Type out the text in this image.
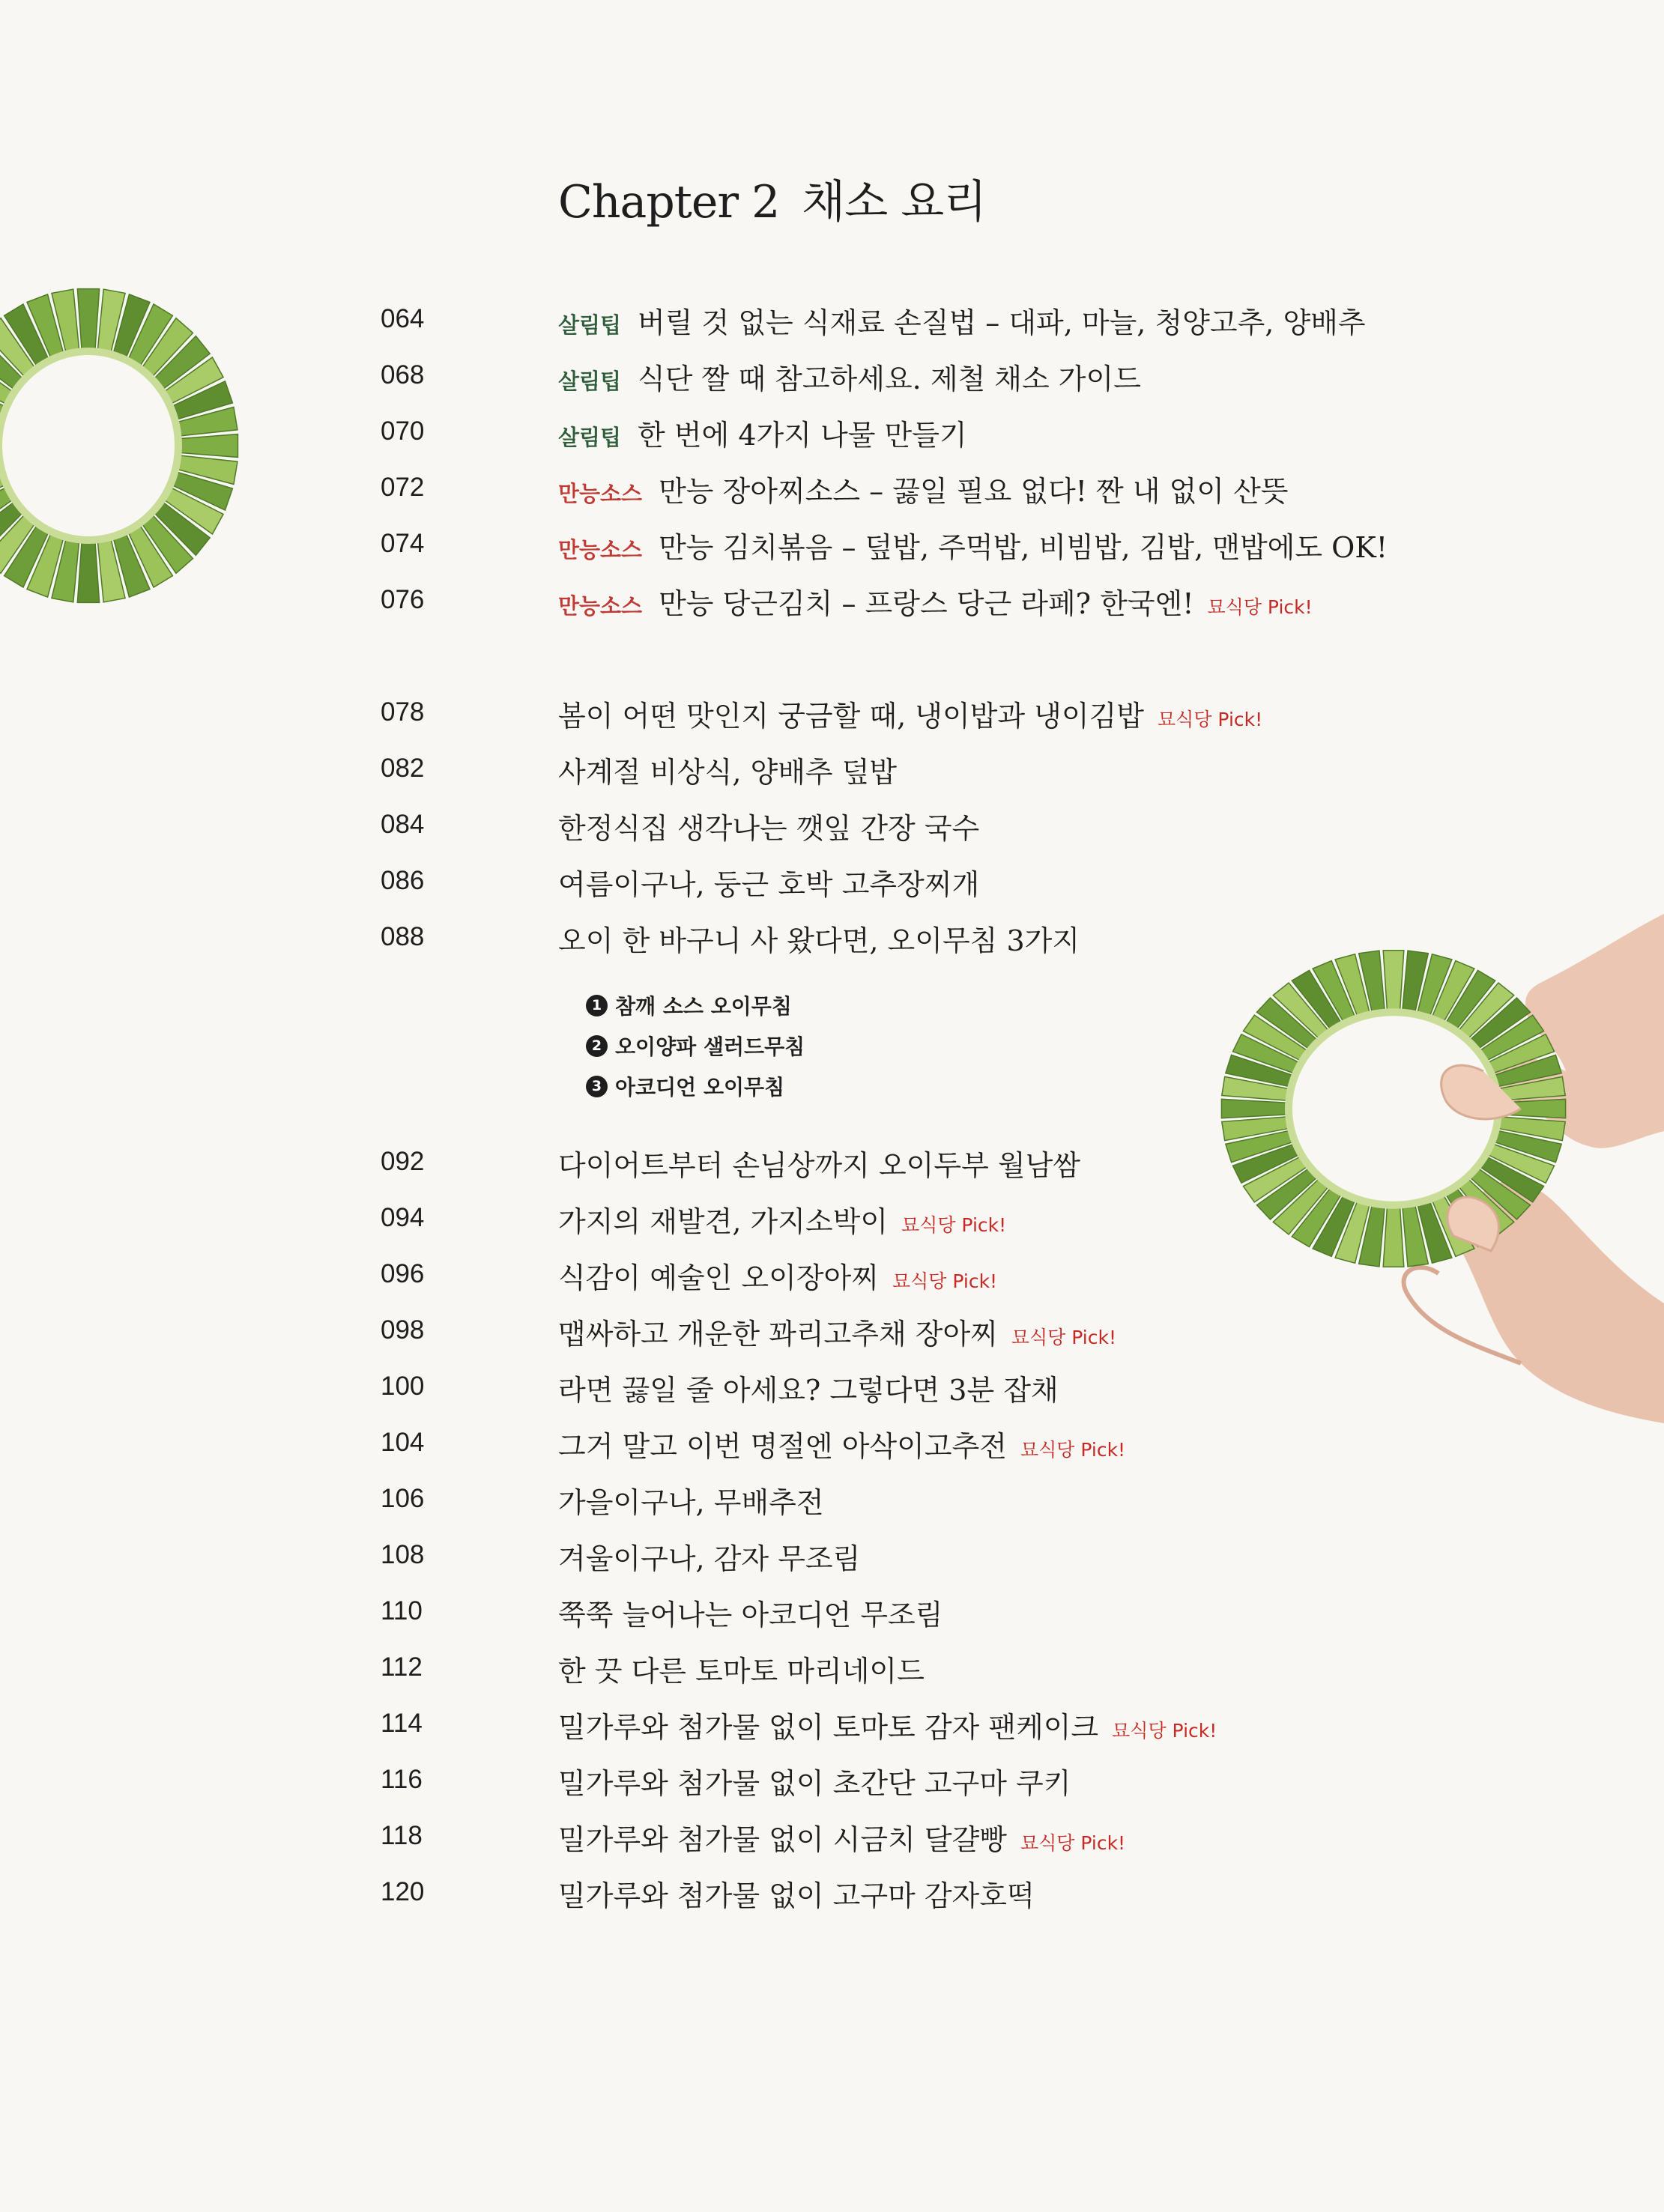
Chapter 2 채소 요리
064	살림팁 버릴 것 없는 식재료 손질법 – 대파, 마늘, 청양고추, 양배추
068	살림팁 식단 짤 때 참고하세요. 제철 채소 가이드
070	살림팁 한 번에 4가지 나물 만들기
072	만능소스 만능 장아찌소스 – 끓일 필요 없다! 짠 내 없이 산뜻
074	만능소스 만능 김치볶음 – 덮밥, 주먹밥, 비빔밥, 김밥, 맨밥에도 OK!
076	만능소스 만능 당근김치 – 프랑스 당근 라페? 한국엔! 묘식당 Pick!
078	봄이 어떤 맛인지 궁금할 때, 냉이밥과 냉이김밥 묘식당 Pick!
082	사계절 비상식, 양배추 덮밥
084	한정식집 생각나는 깻잎 간장 국수
086	여름이구나, 둥근 호박 고추장찌개
088	오이 한 바구니 사 왔다면, 오이무침 3가지
1 참깨 소스 오이무침
2 오이양파 샐러드무침
3 아코디언 오이무침
092	다이어트부터 손님상까지 오이두부 월남쌈
094	가지의 재발견, 가지소박이 묘식당 Pick!
096	식감이 예술인 오이장아찌 묘식당 Pick!
098	맵싸하고 개운한 꽈리고추채 장아찌 묘식당 Pick!
100	라면 끓일 줄 아세요? 그렇다면 3분 잡채
104	그거 말고 이번 명절엔 아삭이고추전 묘식당 Pick!
106	가을이구나, 무배추전
108	겨울이구나, 감자 무조림
110	쭉쭉 늘어나는 아코디언 무조림
112	한 끗 다른 토마토 마리네이드
114	밀가루와 첨가물 없이 토마토 감자 팬케이크 묘식당 Pick!
116	밀가루와 첨가물 없이 초간단 고구마 쿠키
118	밀가루와 첨가물 없이 시금치 달걀빵 묘식당 Pick!
120	밀가루와 첨가물 없이 고구마 감자호떡
